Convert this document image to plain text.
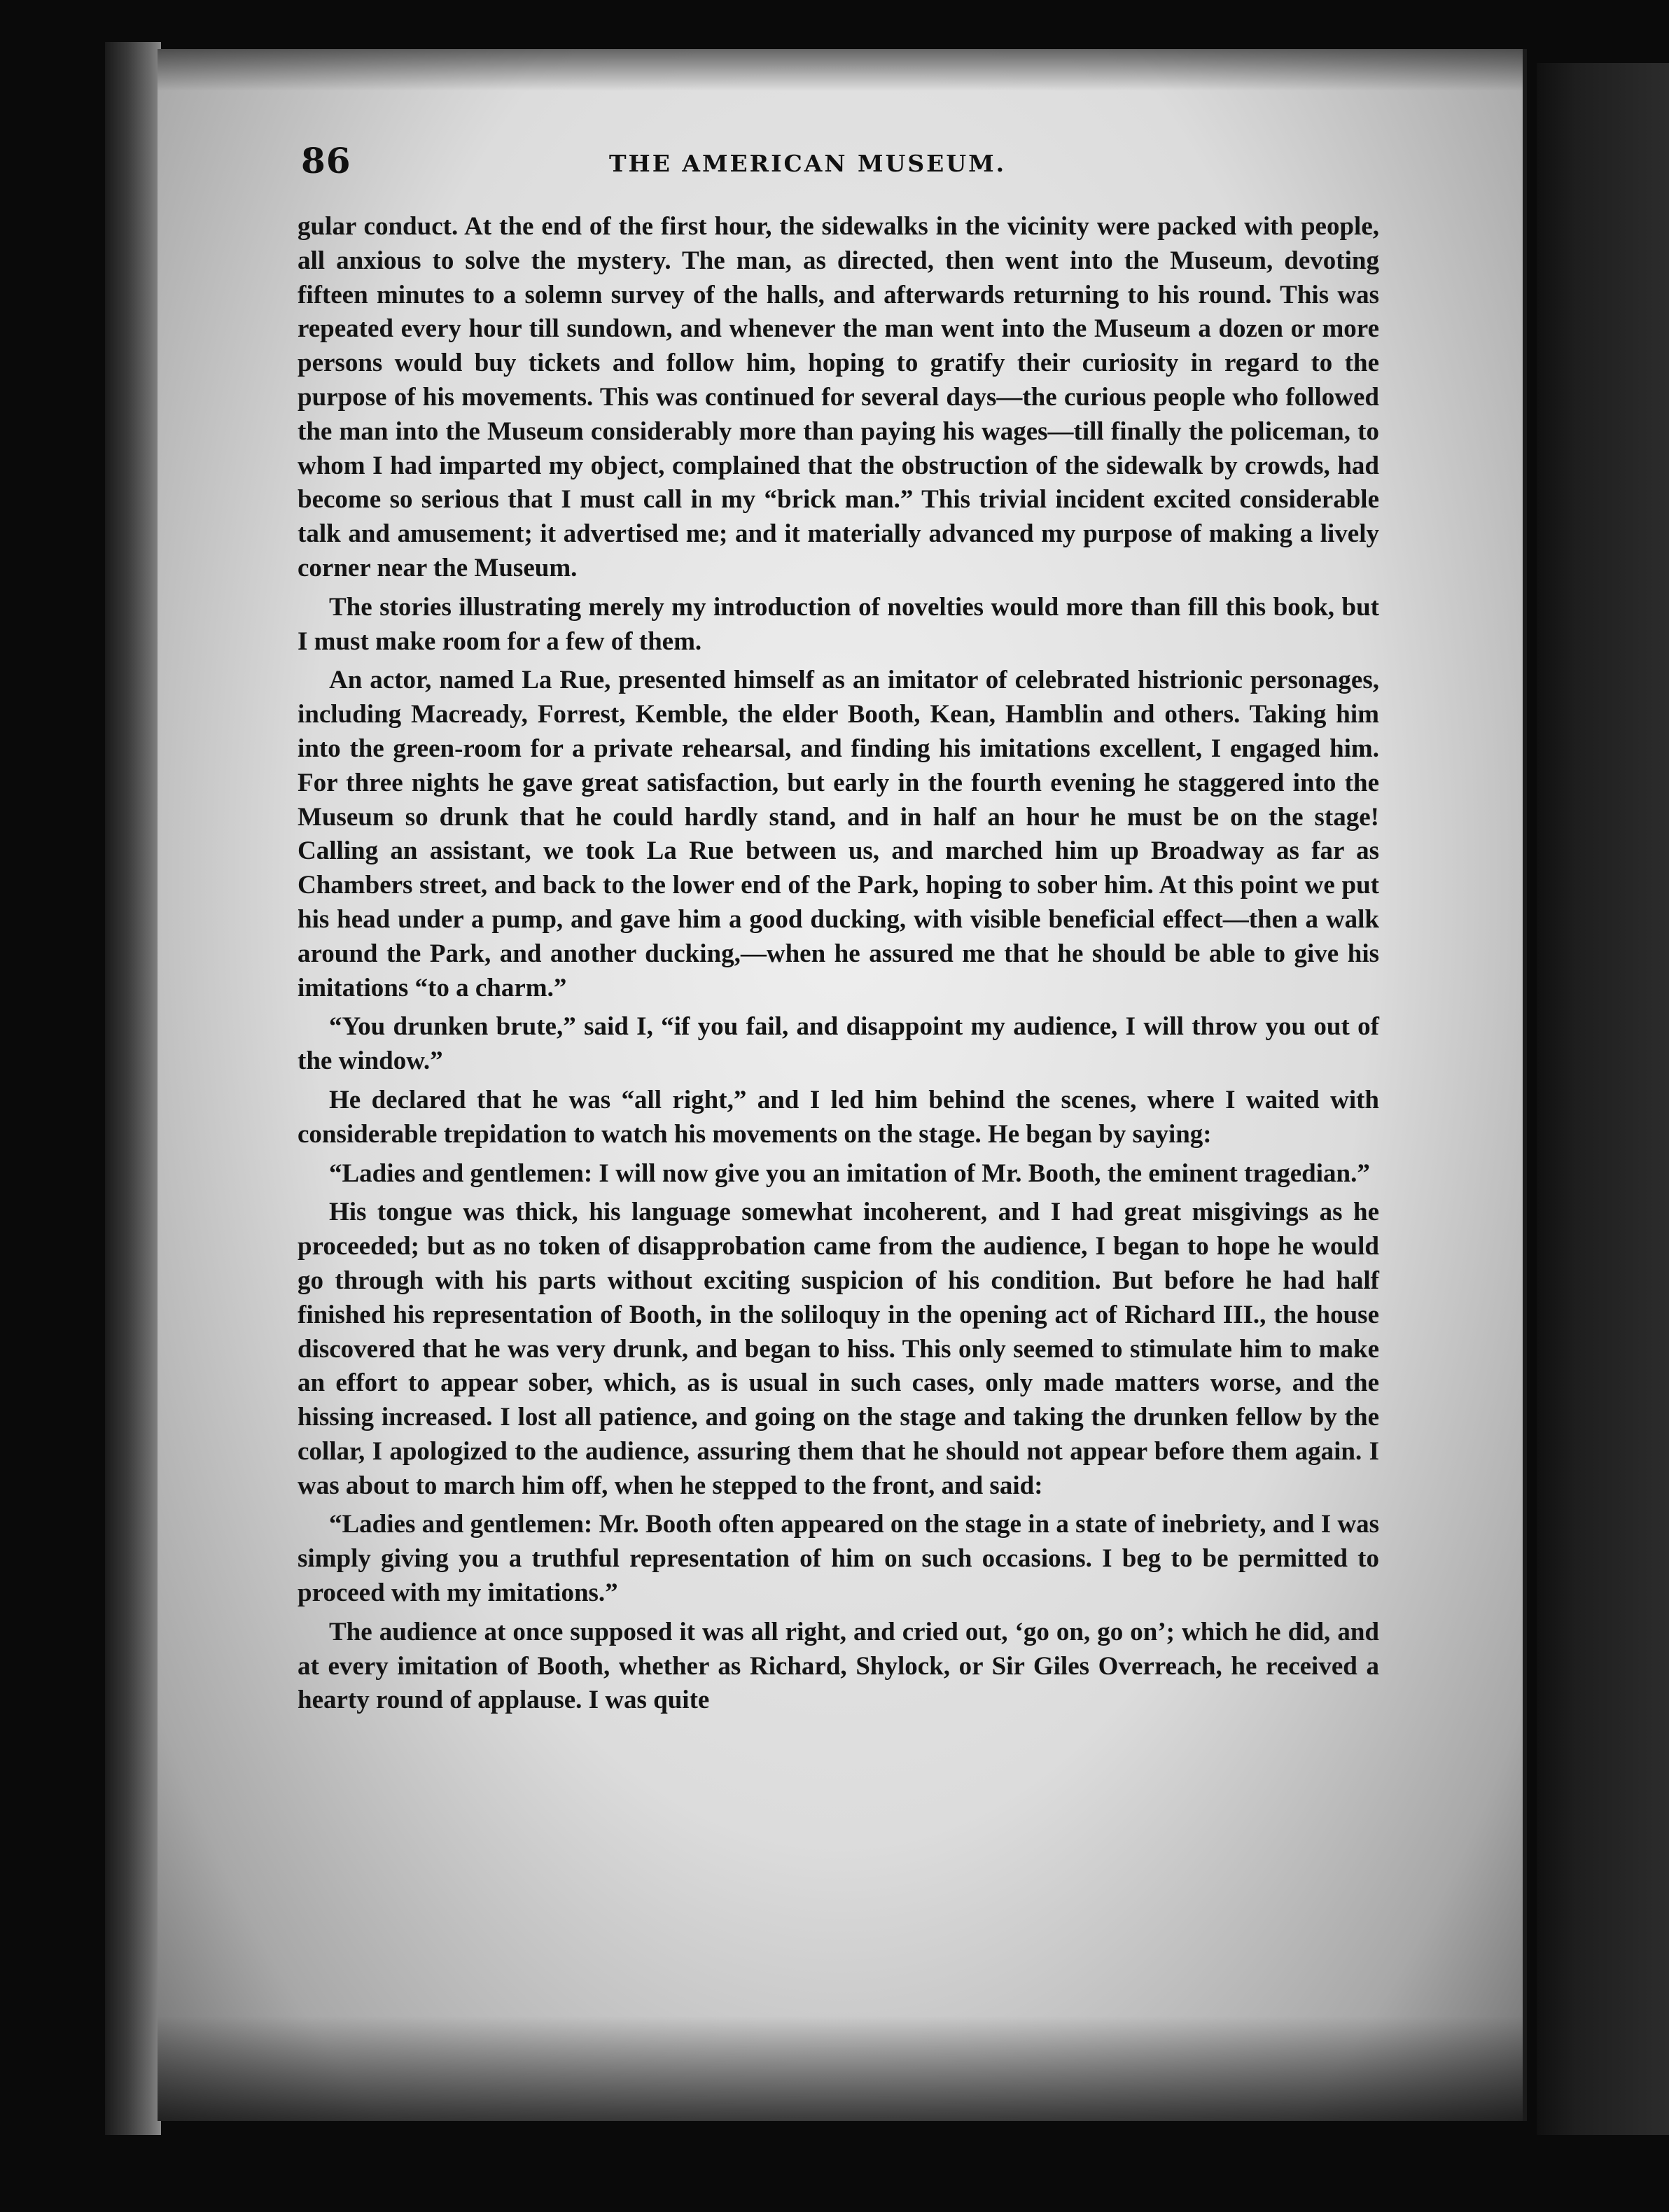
86	THE AMERICAN MUSEUM.

gular conduct. At the end of the first hour, the sidewalks in the vicinity were packed with people, all anxious to solve the mystery. The man, as directed, then went into the Museum, devoting fifteen minutes to a solemn survey of the halls, and afterwards returning to his round. This was repeated every hour till sundown, and whenever the man went into the Museum a dozen or more persons would buy tickets and follow him, hoping to gratify their curiosity in regard to the purpose of his movements. This was continued for several days—the curious people who followed the man into the Museum considerably more than paying his wages—till finally the policeman, to whom I had imparted my object, complained that the obstruction of the sidewalk by crowds, had become so serious that I must call in my “brick man.” This trivial incident excited considerable talk and amusement; it advertised me; and it materially advanced my purpose of making a lively corner near the Museum.

The stories illustrating merely my introduction of novelties would more than fill this book, but I must make room for a few of them.

An actor, named La Rue, presented himself as an imitator of celebrated histrionic personages, including Macready, Forrest, Kemble, the elder Booth, Kean, Hamblin and others. Taking him into the green-room for a private rehearsal, and finding his imitations excellent, I engaged him. For three nights he gave great satisfaction, but early in the fourth evening he staggered into the Museum so drunk that he could hardly stand, and in half an hour he must be on the stage! Calling an assistant, we took La Rue between us, and marched him up Broadway as far as Chambers street, and back to the lower end of the Park, hoping to sober him. At this point we put his head under a pump, and gave him a good ducking, with visible beneficial effect—then a walk around the Park, and another ducking,—when he assured me that he should be able to give his imitations “to a charm.”

“You drunken brute,” said I, “if you fail, and disappoint my audience, I will throw you out of the window.”

He declared that he was “all right,” and I led him behind the scenes, where I waited with considerable trepidation to watch his movements on the stage. He began by saying:

“Ladies and gentlemen: I will now give you an imitation of Mr. Booth, the eminent tragedian.”

His tongue was thick, his language somewhat incoherent, and I had great misgivings as he proceeded; but as no token of disapprobation came from the audience, I began to hope he would go through with his parts without exciting suspicion of his condition. But before he had half finished his representation of Booth, in the soliloquy in the opening act of Richard III., the house discovered that he was very drunk, and began to hiss. This only seemed to stimulate him to make an effort to appear sober, which, as is usual in such cases, only made matters worse, and the hissing increased. I lost all patience, and going on the stage and taking the drunken fellow by the collar, I apologized to the audience, assuring them that he should not appear before them again. I was about to march him off, when he stepped to the front, and said:

“Ladies and gentlemen: Mr. Booth often appeared on the stage in a state of inebriety, and I was simply giving you a truthful representation of him on such occasions. I beg to be permitted to proceed with my imitations.”

The audience at once supposed it was all right, and cried out, ‘go on, go on’; which he did, and at every imitation of Booth, whether as Richard, Shylock, or Sir Giles Overreach, he received a hearty round of applause. I was quite
